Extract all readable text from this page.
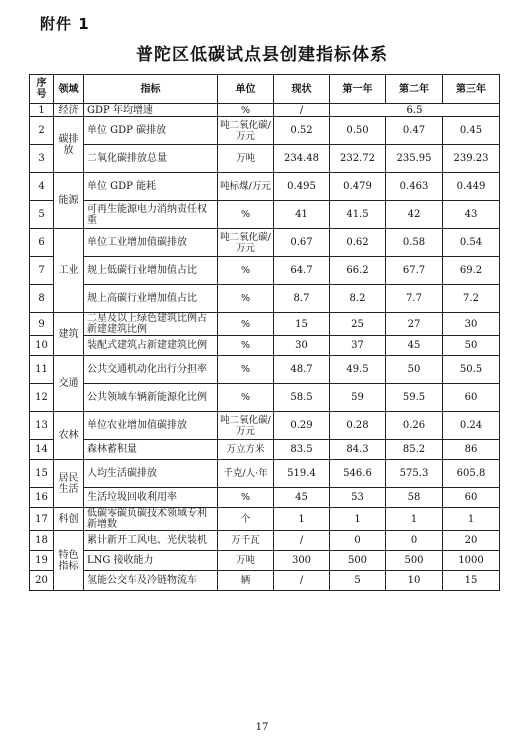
附件 1
普陀区低碳试点县创建指标体系
序号	领域	指标	单位	现状	第一年	第二年	第三年
1	经济	GDP 年均增速	%	/	6.5		
2	碳排放	单位 GDP 碳排放	吨二氧化碳/万元	0.52	0.50	0.47	0.45
3		二氧化碳排放总量	万吨	234.48	232.72	235.95	239.23
4	能源	单位 GDP 能耗	吨标煤/万元	0.495	0.479	0.463	0.449
5		可再生能源电力消纳责任权重	%	41	41.5	42	43
6	工业	单位工业增加值碳排放	吨二氧化碳/万元	0.67	0.62	0.58	0.54
7		规上低碳行业增加值占比	%	64.7	66.2	67.7	69.2
8		规上高碳行业增加值占比	%	8.7	8.2	7.7	7.2
9	建筑	二星及以上绿色建筑比例占新建建筑比例	%	15	25	27	30
10		装配式建筑占新建建筑比例	%	30	37	45	50
11	交通	公共交通机动化出行分担率	%	48.7	49.5	50	50.5
12		公共领域车辆新能源化比例	%	58.5	59	59.5	60
13	农林	单位农业增加值碳排放	吨二氧化碳/万元	0.29	0.28	0.26	0.24
14		森林蓄积量	万立方米	83.5	84.3	85.2	86
15	居民生活	人均生活碳排放	千克/人·年	519.4	546.6	575.3	605.8
16		生活垃圾回收利用率	%	45	53	58	60
17	科创	低碳零碳负碳技术领域专利新增数	个	1	1	1	1
18	特色指标	累计新开工风电、光伏装机	万千瓦	/	0	0	20
19		LNG 接收能力	万吨	300	500	500	1000
20		氢能公交车及冷链物流车	辆	/	5	10	15
17
